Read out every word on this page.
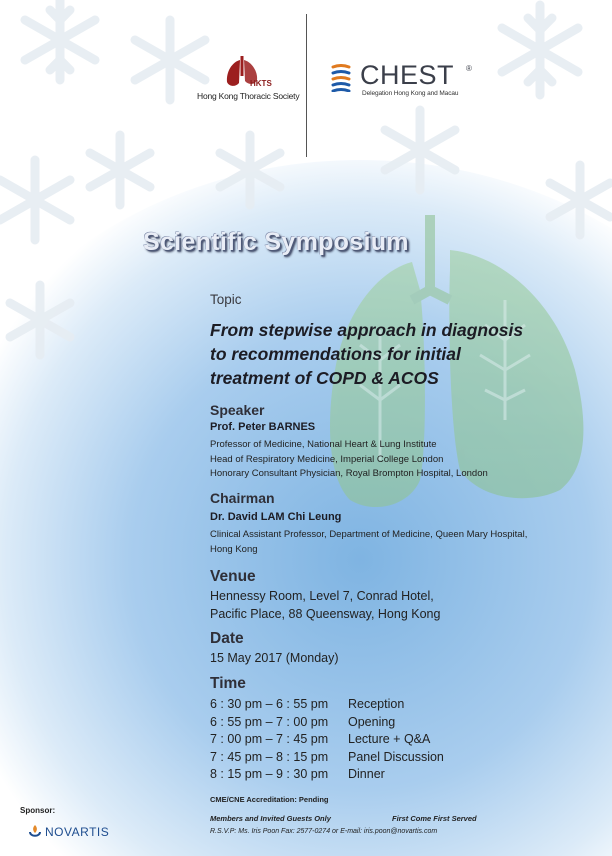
HKTS
Hong Kong Thoracic Society
CHEST ®
Delegation Hong Kong and Macau
Scientific Symposium
Topic
From stepwise approach in diagnosis
to recommendations for initial
treatment of COPD & ACOS
Speaker
Prof. Peter BARNES
Professor of Medicine, National Heart & Lung Institute
Head of Respiratory Medicine, Imperial College London
Honorary Consultant Physician, Royal Brompton Hospital, London
Chairman
Dr. David LAM Chi Leung
Clinical Assistant Professor, Department of Medicine, Queen Mary Hospital,
Hong Kong
Venue
Hennessy Room, Level 7, Conrad Hotel,
Pacific Place, 88 Queensway, Hong Kong
Date
15 May 2017 (Monday)
Time
6 : 30 pm – 6 : 55 pm	Reception
6 : 55 pm – 7 : 00 pm	Opening
7 : 00 pm – 7 : 45 pm	Lecture + Q&A
7 : 45 pm – 8 : 15 pm	Panel Discussion
8 : 15 pm – 9 : 30 pm	Dinner
CME/CNE Accreditation: Pending
Members and Invited Guests Only	First Come First Served
R.S.V.P: Ms. Iris Poon Fax: 2577-0274 or E-mail: iris.poon@novartis.com
Sponsor:
NOVARTIS
